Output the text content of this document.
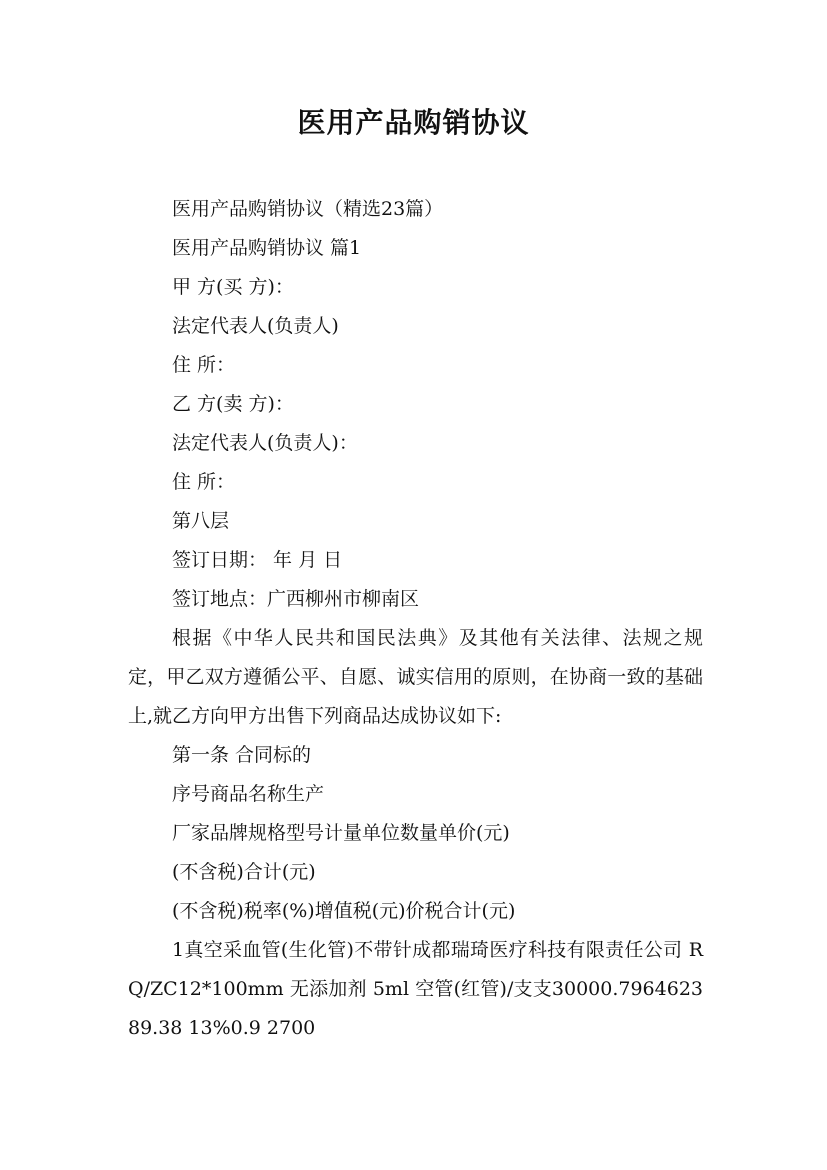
医用产品购销协议

医用产品购销协议（精选23篇）

医用产品购销协议 篇1

甲 方(买 方)：

法定代表人(负责人)

住 所：

乙 方(卖 方)：

法定代表人(负责人)：

住 所：

第八层

签订日期： 年 月 日

签订地点：广西柳州市柳南区

根据《中华人民共和国民法典》及其他有关法律、法规之规定，甲乙双方遵循公平、自愿、诚实信用的原则，在协商一致的基础上,就乙方向甲方出售下列商品达成协议如下:

第一条 合同标的

序号商品名称生产

厂家品牌规格型号计量单位数量单价(元)

(不含税)合计(元)

(不含税)税率(%)增值税(元)价税合计(元)

1真空采血管(生化管)不带针成都瑞琦医疗科技有限责任公司 RQ/ZC12*100mm 无添加剂 5ml 空管(红管)/支支30000.796462389.38 13%0.9 2700
